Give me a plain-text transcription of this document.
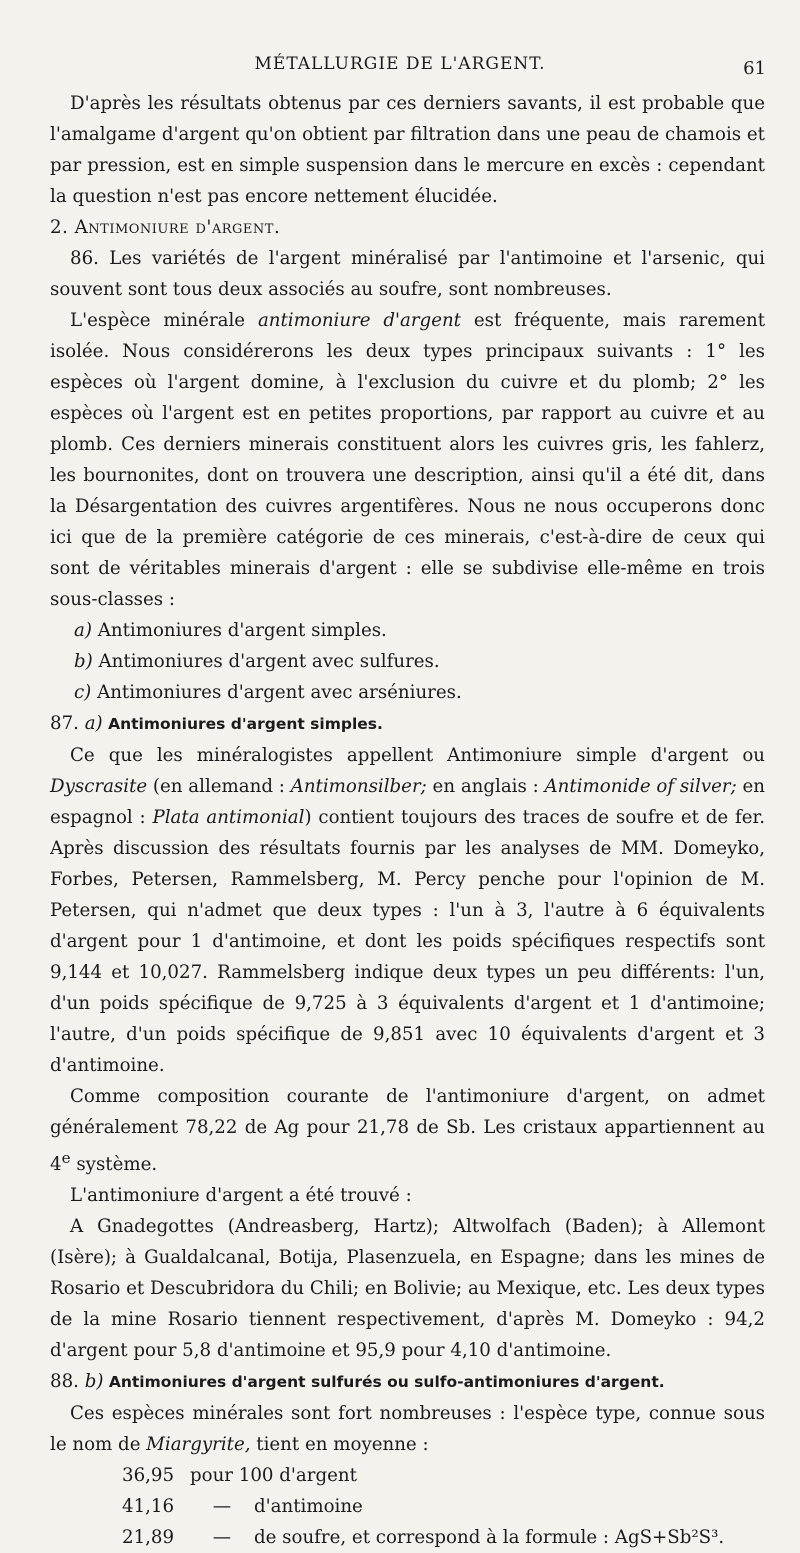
MÉTALLURGIE DE L'ARGENT.	61

D'après les résultats obtenus par ces derniers savants, il est probable que l'amalgame d'argent qu'on obtient par filtration dans une peau de chamois et par pression, est en simple suspension dans le mercure en excès : cependant la question n'est pas encore nettement élucidée.

2. Antimoniure d'argent.

86. Les variétés de l'argent minéralisé par l'antimoine et l'arsenic, qui souvent sont tous deux associés au soufre, sont nombreuses.

L'espèce minérale antimoniure d'argent est fréquente, mais rarement isolée. Nous considérerons les deux types principaux suivants : 1° les espèces où l'argent domine, à l'exclusion du cuivre et du plomb; 2° les espèces où l'argent est en petites proportions, par rapport au cuivre et au plomb. Ces derniers minerais constituent alors les cuivres gris, les fahlerz, les bournonites, dont on trouvera une description, ainsi qu'il a été dit, dans la Désargentation des cuivres argentifères. Nous ne nous occuperons donc ici que de la première catégorie de ces minerais, c'est-à-dire de ceux qui sont de véritables minerais d'argent : elle se subdivise elle-même en trois sous-classes :

a) Antimoniures d'argent simples.

b) Antimoniures d'argent avec sulfures.

c) Antimoniures d'argent avec arséniures.

87. a) Antimoniures d'argent simples.

Ce que les minéralogistes appellent Antimoniure simple d'argent ou Dyscrasite (en allemand : Antimonsilber; en anglais : Antimonide of silver; en espagnol : Plata antimonial) contient toujours des traces de soufre et de fer. Après discussion des résultats fournis par les analyses de MM. Domeyko, Forbes, Petersen, Rammelsberg, M. Percy penche pour l'opinion de M. Petersen, qui n'admet que deux types : l'un à 3, l'autre à 6 équivalents d'argent pour 1 d'antimoine, et dont les poids spécifiques respectifs sont 9,144 et 10,027. Rammelsberg indique deux types un peu différents: l'un, d'un poids spécifique de 9,725 à 3 équivalents d'argent et 1 d'antimoine; l'autre, d'un poids spécifique de 9,851 avec 10 équivalents d'argent et 3 d'antimoine.

Comme composition courante de l'antimoniure d'argent, on admet généralement 78,22 de Ag pour 21,78 de Sb. Les cristaux appartiennent au 4e système.

L'antimoniure d'argent a été trouvé :

A Gnadegottes (Andreasberg, Hartz); Altwolfach (Baden); à Allemont (Isère); à Gualdalcanal, Botija, Plasenzuela, en Espagne; dans les mines de Rosario et Descubridora du Chili; en Bolivie; au Mexique, etc. Les deux types de la mine Rosario tiennent respectivement, d'après M. Domeyko : 94,2 d'argent pour 5,8 d'antimoine et 95,9 pour 4,10 d'antimoine.

88. b) Antimoniures d'argent sulfurés ou sulfo-antimoniures d'argent.

Ces espèces minérales sont fort nombreuses : l'espèce type, connue sous le nom de Miargyrite, tient en moyenne :

36,95 pour 100 d'argent

41,16 — d'antimoine

21,89 — de soufre, et correspond à la formule : AgS+Sb²S³.
